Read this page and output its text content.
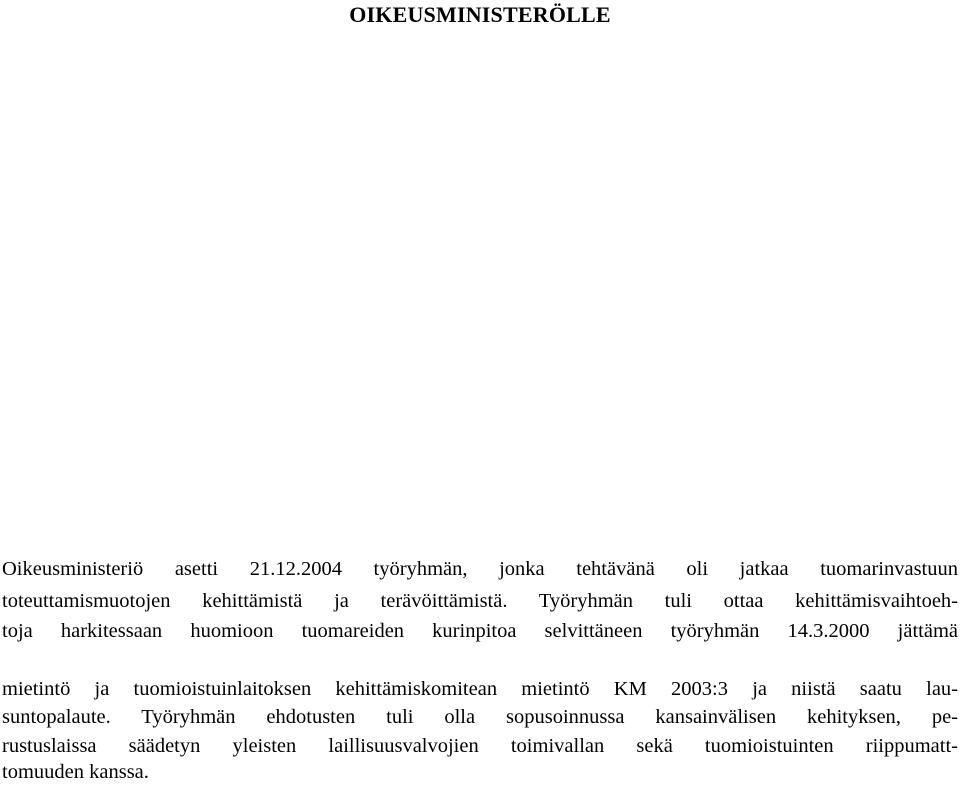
OIKEUSMINISTERÖLLE

Oikeusministeriö asetti 21.12.2004 työryhmän, jonka tehtävänä oli jatkaa tuomarinvastuun

toteuttamismuotojen kehittämistä ja terävöittämistä. Työryhmän tuli ottaa kehittämisvaihtoeh-

toja harkitessaan huomioon tuomareiden kurinpitoa selvittäneen työryhmän 14.3.2000 jättämä

mietintö ja tuomioistuinlaitoksen kehittämiskomitean mietintö KM 2003:3 ja niistä saatu lau-

suntopalaute. Työryhmän ehdotusten tuli olla sopusoinnussa kansainvälisen kehityksen, pe-

rustuslaissa säädetyn yleisten laillisuusvalvojien toimivallan sekä tuomioistuinten riippumatt-

tomuuden kanssa.
